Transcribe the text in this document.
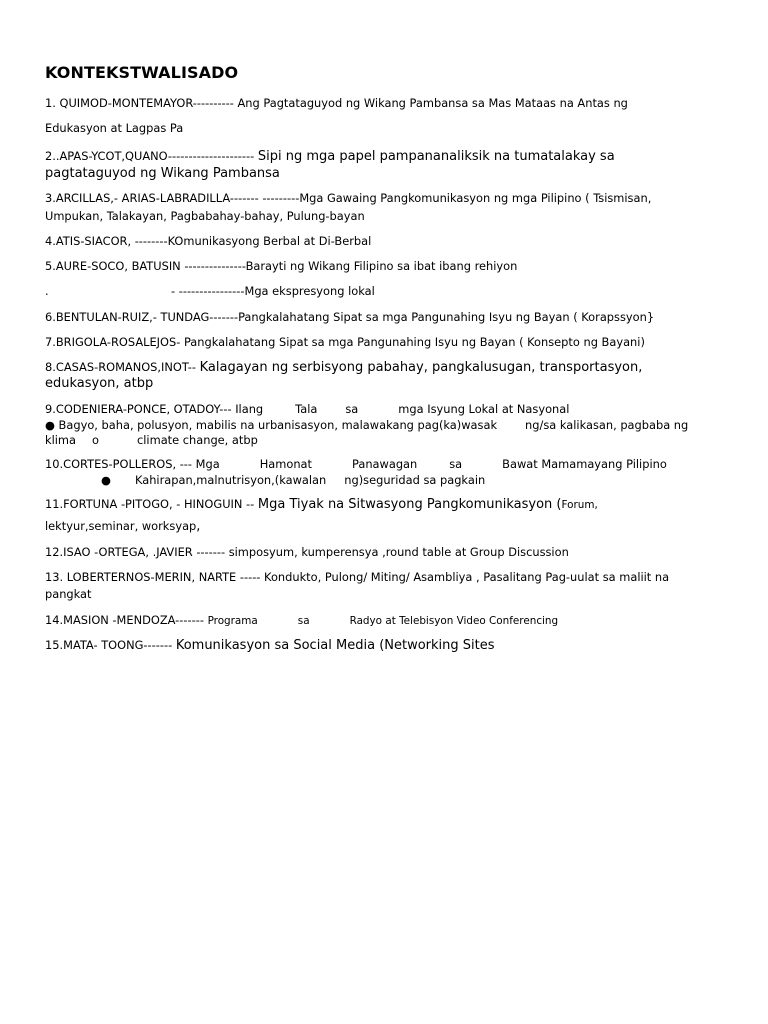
KONTEKSTWALISADO
1. QUIMOD-MONTEMAYOR---------- Ang Pagtataguyod ng Wikang Pambansa sa Mas Mataas na Antas ng
Edukasyon at Lagpas Pa
2..APAS-YCOT,QUANO--------------------- Sipi ng mga papel pampananaliksik na tumatalakay sa
pagtataguyod ng Wikang Pambansa
3.ARCILLAS,- ARIAS-LABRADILLA------- ---------Mga Gawaing Pangkomunikasyon ng mga Pilipino ( Tsismisan,
Umpukan, Talakayan, Pagbabahay-bahay, Pulung-bayan
4.ATIS-SIACOR, --------KOmunikasyong Berbal at Di-Berbal
5.AURE-SOCO, BATUSIN ---------------Barayti ng Wikang Filipino sa ibat ibang rehiyon
.	- ----------------Mga ekspresyong lokal
6.BENTULAN-RUIZ,- TUNDAG-------Pangkalahatang Sipat sa mga Pangunahing Isyu ng Bayan ( Korapssyon}
7.BRIGOLA-ROSALEJOS- Pangkalahatang Sipat sa mga Pangunahing Isyu ng Bayan ( Konsepto ng Bayani)
8.CASAS-ROMANOS,INOT-- Kalagayan ng serbisyong pabahay, pangkalusugan, transportasyon,
edukasyon, atbp
9.CODENIERA-PONCE, OTADOY--- Ilang	Tala sa	mga Isyung Lokal at Nasyonal
● Bagyo, baha, polusyon, mabilis na urbanisasyon, malawakang pag(ka)wasak ng/sa kalikasan, pagbaba ng
klima o	climate change, atbp
10.CORTES-POLLEROS, --- Mga	Hamonat	Panawagan	sa	Bawat Mamamayang Pilipino
● Kahirapan,malnutrisyon,(kawalan ng)seguridad sa pagkain
11.FORTUNA -PITOGO, - HINOGUIN -- Mga Tiyak na Sitwasyong Pangkomunikasyon (Forum,
lektyur,seminar, worksyap,
12.ISAO -ORTEGA, .JAVIER ------- simposyum, kumperensya ,round table at Group Discussion
13. LOBERTERNOS-MERIN, NARTE ----- Kondukto, Pulong/ Miting/ Asambliya , Pasalitang Pag-uulat sa maliit na
pangkat
14.MASION -MENDOZA------- Programa	sa	Radyo at Telebisyon Video Conferencing
15.MATA- TOONG------- Komunikasyon sa Social Media (Networking Sites
